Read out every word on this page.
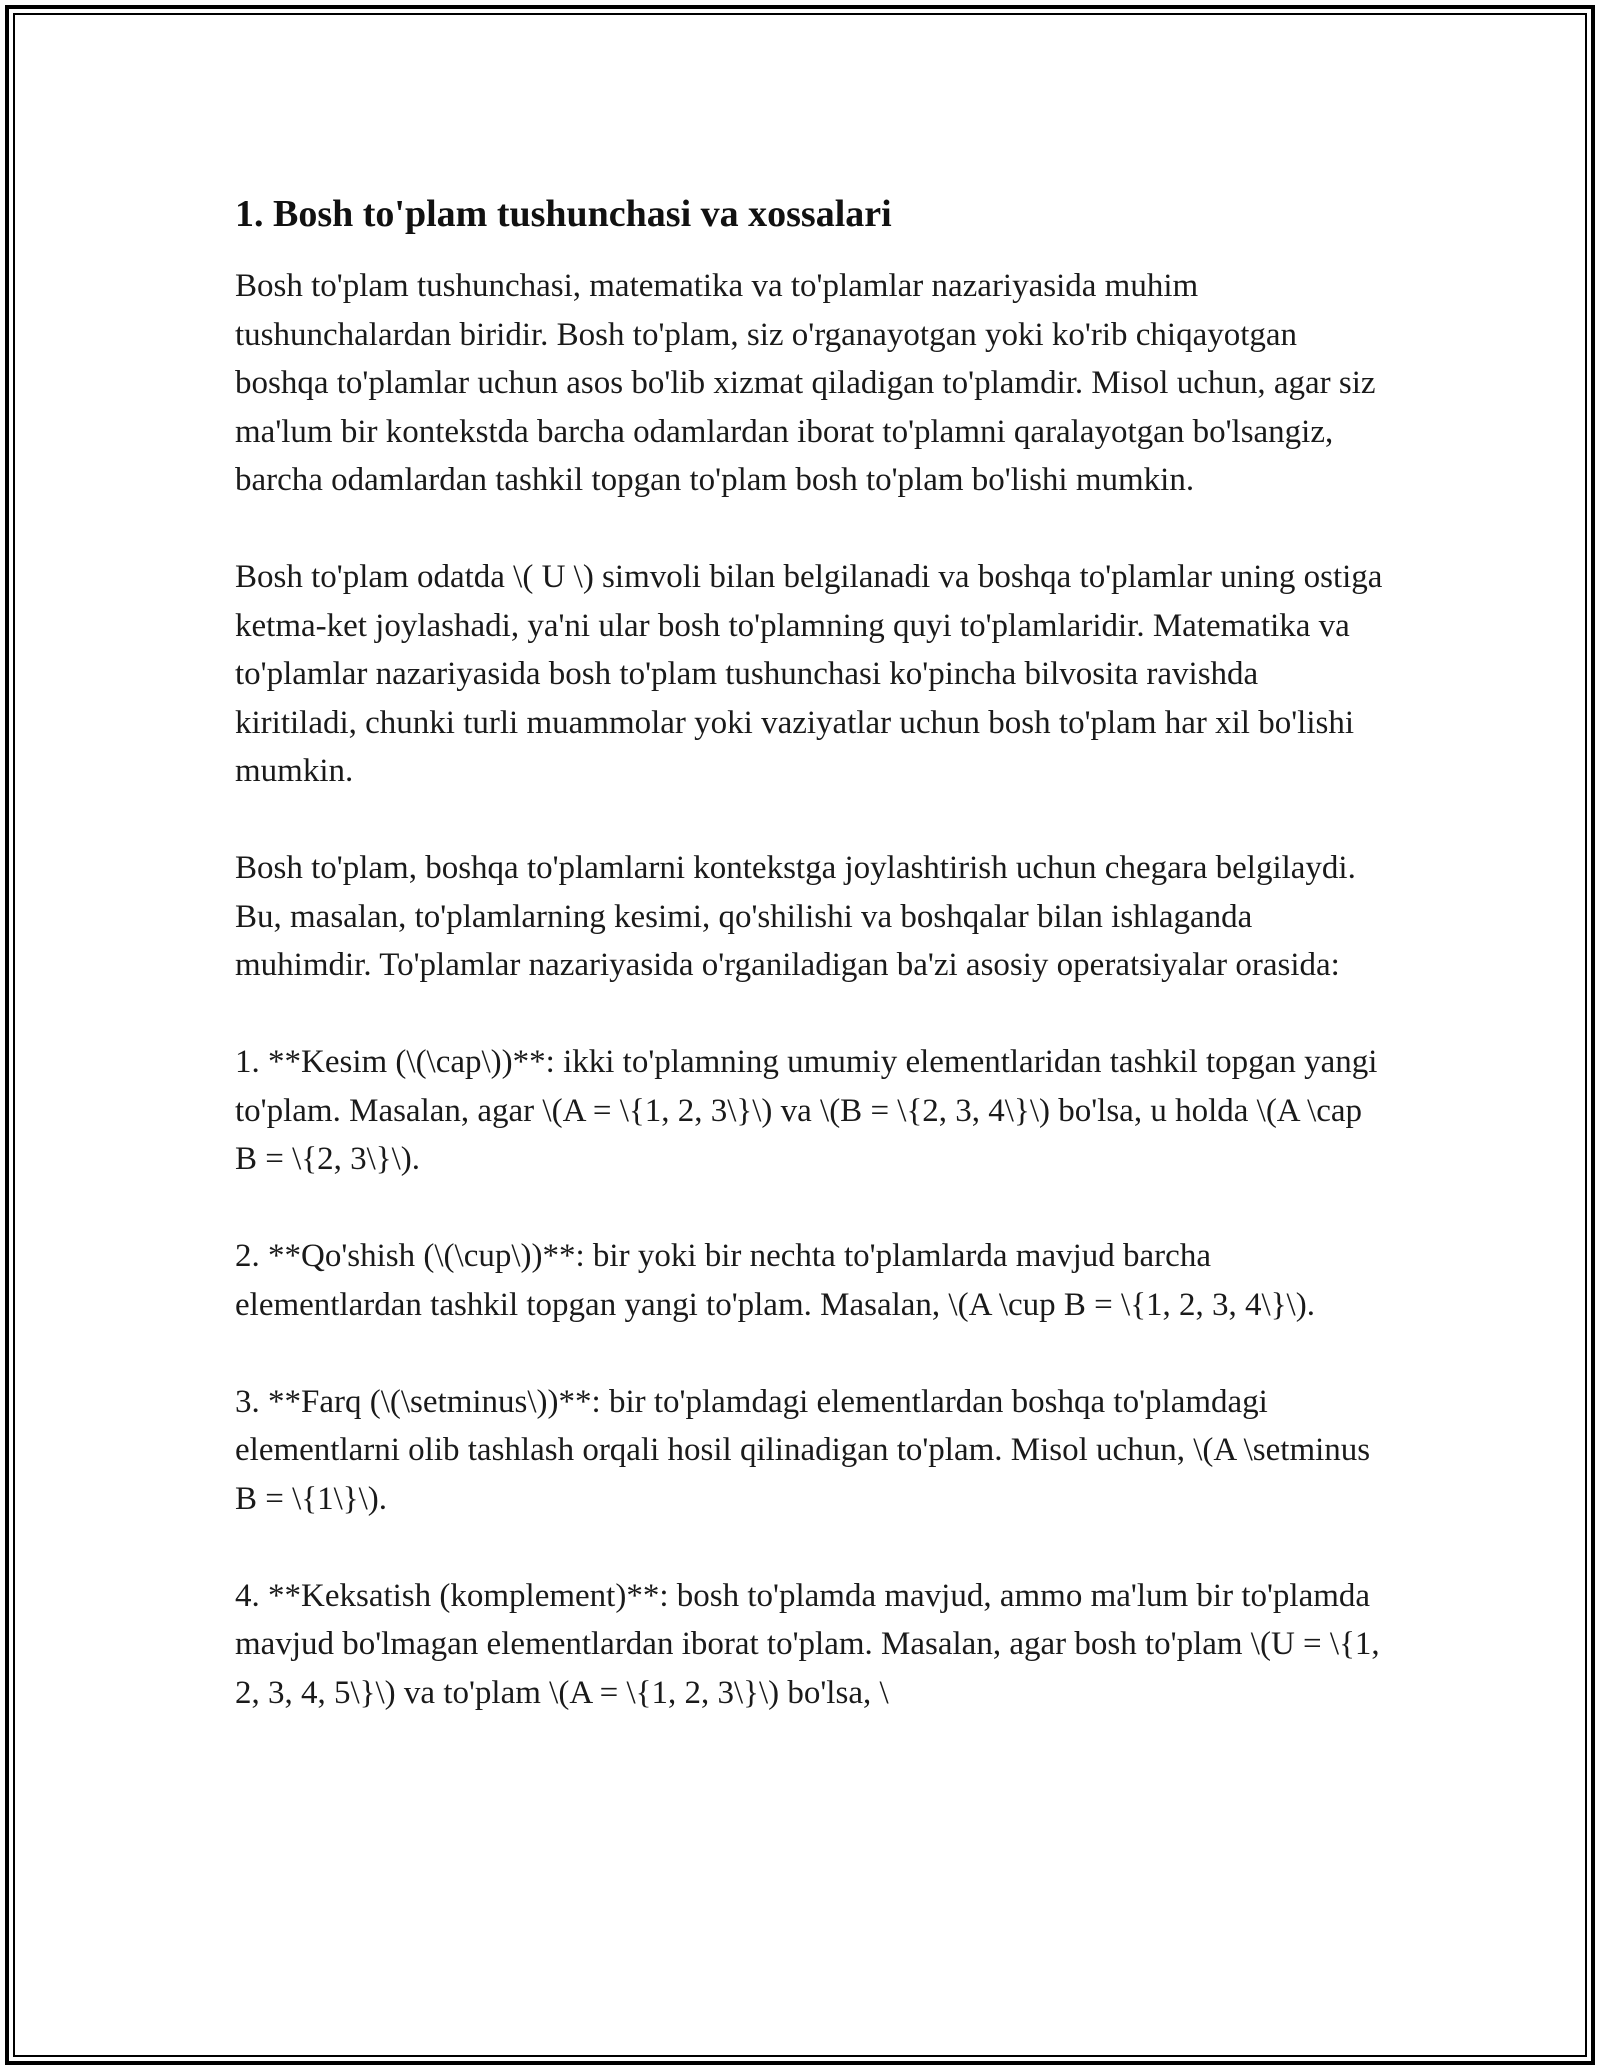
1. Bosh to'plam tushunchasi va xossalari

Bosh to'plam tushunchasi, matematika va to'plamlar nazariyasida muhim tushunchalardan biridir. Bosh to'plam, siz o'rganayotgan yoki ko'rib chiqayotgan boshqa to'plamlar uchun asos bo'lib xizmat qiladigan to'plamdir. Misol uchun, agar siz ma'lum bir kontekstda barcha odamlardan iborat to'plamni qaralayotgan bo'lsangiz, barcha odamlardan tashkil topgan to'plam bosh to'plam bo'lishi mumkin.

Bosh to'plam odatda \( U \) simvoli bilan belgilanadi va boshqa to'plamlar uning ostiga ketma-ket joylashadi, ya'ni ular bosh to'plamning quyi to'plamlaridir. Matematika va to'plamlar nazariyasida bosh to'plam tushunchasi ko'pincha bilvosita ravishda kiritiladi, chunki turli muammolar yoki vaziyatlar uchun bosh to'plam har xil bo'lishi mumkin.

Bosh to'plam, boshqa to'plamlarni kontekstga joylashtirish uchun chegara belgilaydi. Bu, masalan, to'plamlarning kesimi, qo'shilishi va boshqalar bilan ishlaganda muhimdir. To'plamlar nazariyasida o'rganiladigan ba'zi asosiy operatsiyalar orasida:

1. **Kesim (\(\cap\))**: ikki to'plamning umumiy elementlaridan tashkil topgan yangi to'plam. Masalan, agar \(A = \{1, 2, 3\}\) va \(B = \{2, 3, 4\}\) bo'lsa, u holda \(A \cap B = \{2, 3\}\).

2. **Qo'shish (\(\cup\))**: bir yoki bir nechta to'plamlarda mavjud barcha elementlardan tashkil topgan yangi to'plam. Masalan, \(A \cup B = \{1, 2, 3, 4\}\).

3. **Farq (\(\setminus\))**: bir to'plamdagi elementlardan boshqa to'plamdagi elementlarni olib tashlash orqali hosil qilinadigan to'plam. Misol uchun, \(A \setminus B = \{1\}\).

4. **Keksatish (komplement)**: bosh to'plamda mavjud, ammo ma'lum bir to'plamda mavjud bo'lmagan elementlardan iborat to'plam. Masalan, agar bosh to'plam \(U = \{1, 2, 3, 4, 5\}\) va to'plam \(A = \{1, 2, 3\}\) bo'lsa, \
